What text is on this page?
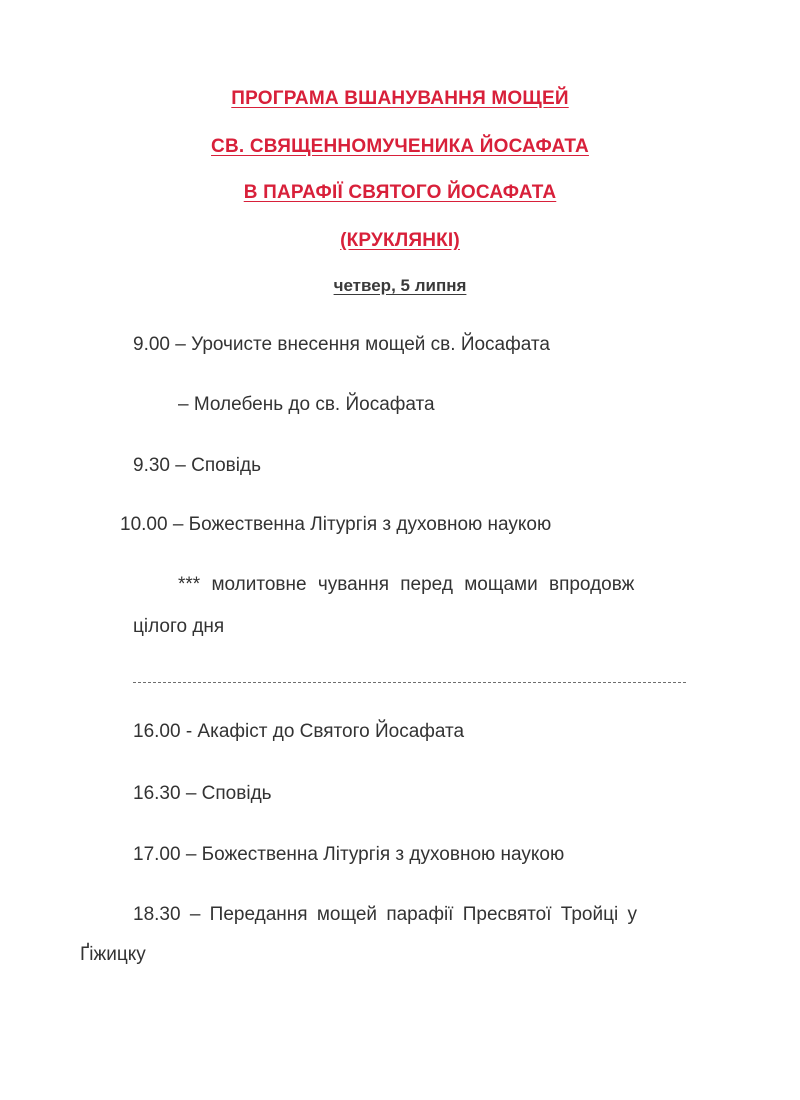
ПРОГРАМА ВШАНУВАННЯ МОЩЕЙ
СВ. СВЯЩЕННОМУЧЕНИКА ЙОСАФАТА
В ПАРАФІЇ СВЯТОГО ЙОСАФАТА
(КРУКЛЯНКІ)
четвер, 5 липня
9.00 – Урочисте внесення мощей св. Йосафата
– Молебень до св. Йосафата
9.30 – Сповідь
10.00 – Божественна Літургія з духовною наукою
*** молитовне чування перед мощами впродовж
цілого дня
16.00 - Акафіст до Святого Йосафата
16.30 – Сповідь
17.00 – Божественна Літургія з духовною наукою
18.30 – Передання мощей парафії Пресвятої Тройці у
Ґіжицку
